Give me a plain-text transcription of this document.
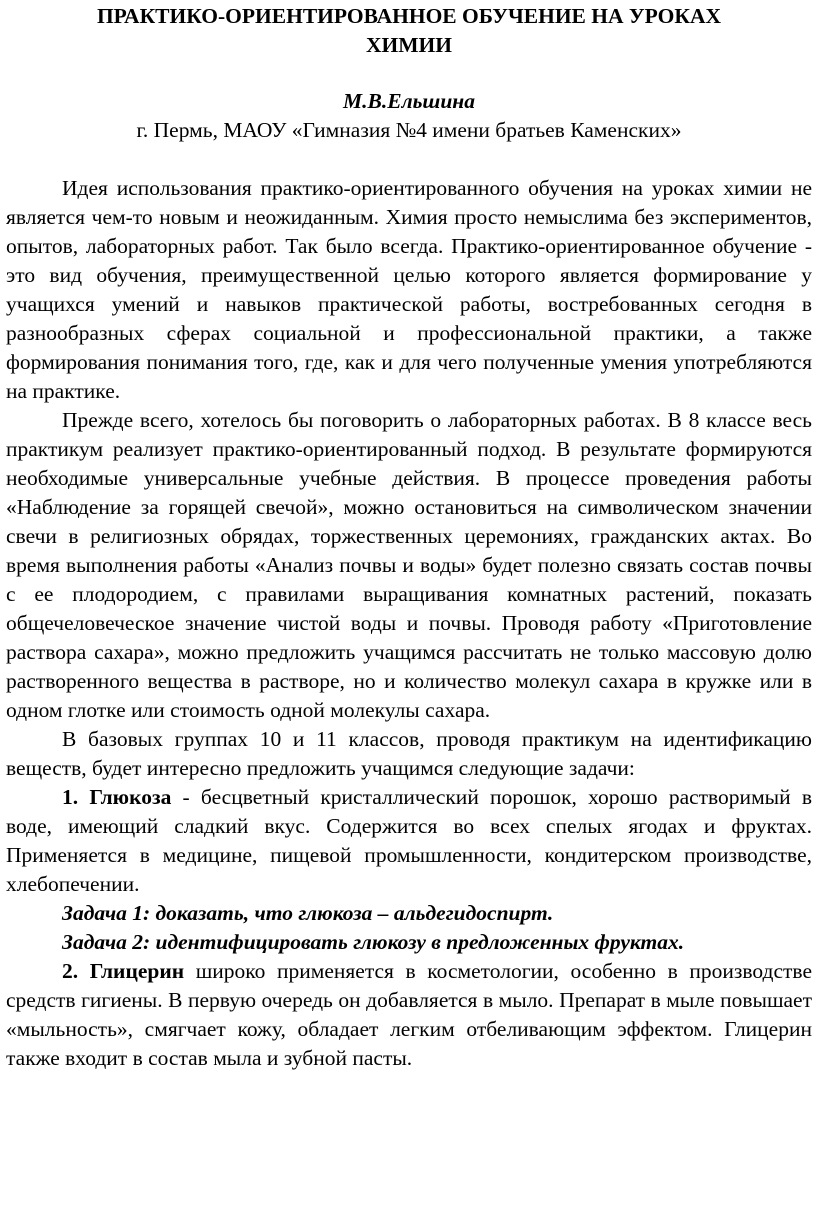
ПРАКТИКО-ОРИЕНТИРОВАННОЕ ОБУЧЕНИЕ НА УРОКАХ ХИМИИ
М.В.Ельшина
г. Пермь, МАОУ «Гимназия №4 имени братьев Каменских»

Идея использования практико-ориентированного обучения на уроках химии не является чем-то новым и неожиданным. Химия просто немыслима без экспериментов, опытов, лабораторных работ. Так было всегда. Практико-ориентированное обучение - это вид обучения, преимущественной целью которого является формирование у учащихся умений и навыков практической работы, востребованных сегодня в разнообразных сферах социальной и профессиональной практики, а также формирования понимания того, где, как и для чего полученные умения употребляются на практике.

Прежде всего, хотелось бы поговорить о лабораторных работах. В 8 классе весь практикум реализует практико-ориентированный подход. В результате формируются необходимые универсальные учебные действия. В процессе проведения работы «Наблюдение за горящей свечой», можно остановиться на символическом значении свечи в религиозных обрядах, торжественных церемониях, гражданских актах. Во время выполнения работы «Анализ почвы и воды» будет полезно связать состав почвы с ее плодородием, с правилами выращивания комнатных растений, показать общечеловеческое значение чистой воды и почвы. Проводя работу «Приготовление раствора сахара», можно предложить учащимся рассчитать не только массовую долю растворенного вещества в растворе, но и количество молекул сахара в кружке или в одном глотке или стоимость одной молекулы сахара.

В базовых группах 10 и 11 классов, проводя практикум на идентификацию веществ, будет интересно предложить учащимся следующие задачи:

1. Глюкоза - бесцветный кристаллический порошок, хорошо растворимый в воде, имеющий сладкий вкус. Содержится во всех спелых ягодах и фруктах. Применяется в медицине, пищевой промышленности, кондитерском производстве, хлебопечении.

Задача 1: доказать, что глюкоза – альдегидоспирт.

Задача 2: идентифицировать глюкозу в предложенных фруктах.

2. Глицерин широко применяется в косметологии, особенно в производстве средств гигиены. В первую очередь он добавляется в мыло. Препарат в мыле повышает «мыльность», смягчает кожу, обладает легким отбеливающим эффектом. Глицерин также входит в состав мыла и зубной пасты.
